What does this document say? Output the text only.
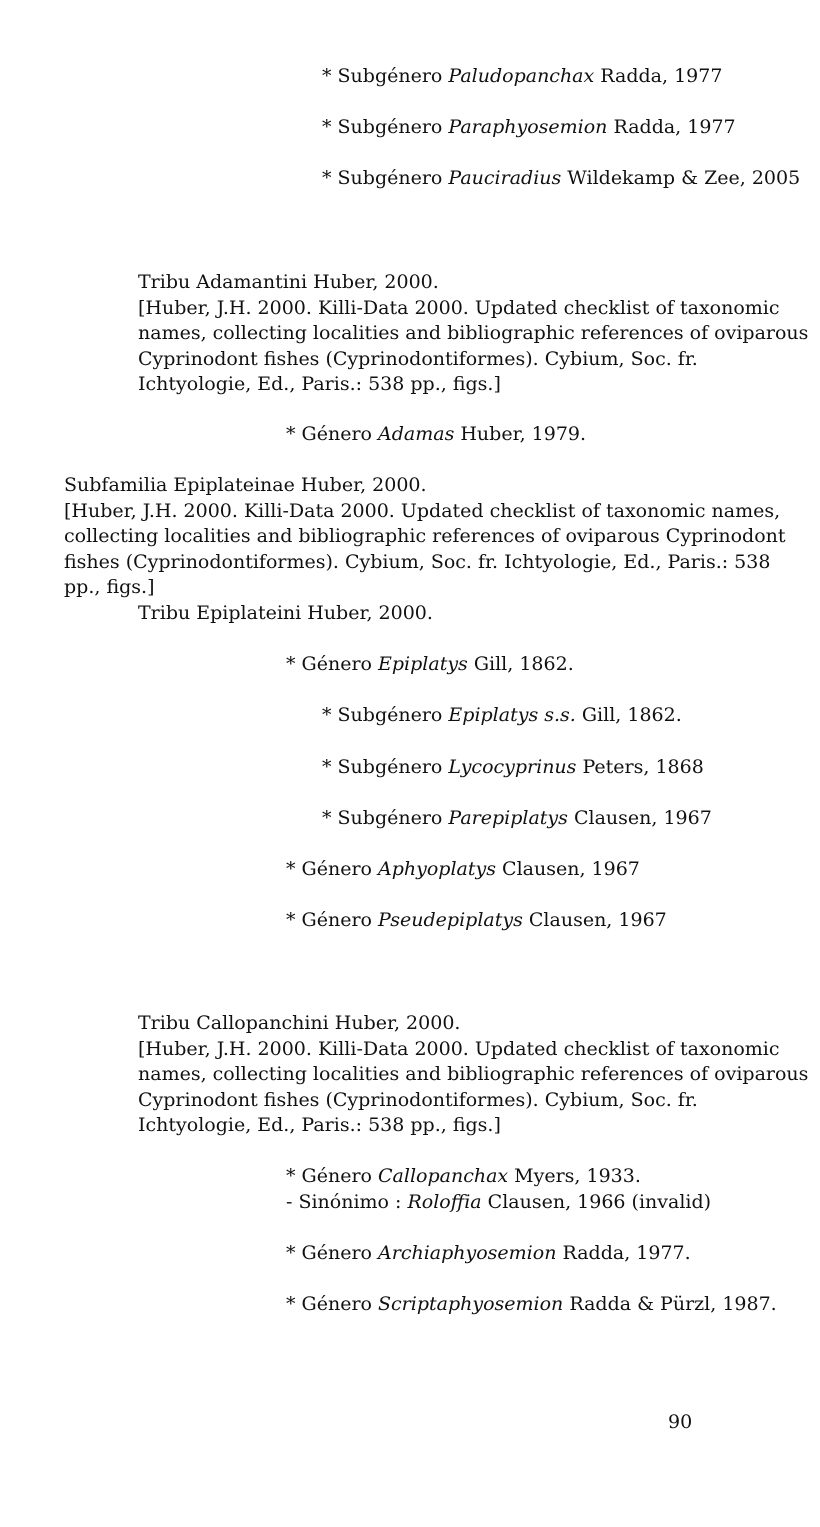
* Subgénero Paludopanchax Radda, 1977
* Subgénero Paraphyosemion Radda, 1977
* Subgénero Pauciradius Wildekamp & Zee, 2005
Tribu Adamantini Huber, 2000.
[Huber, J.H. 2000. Killi-Data 2000. Updated checklist of taxonomic names, collecting localities and bibliographic references of oviparous Cyprinodont fishes (Cyprinodontiformes). Cybium, Soc. fr. Ichtyologie, Ed., Paris.: 538 pp., figs.]
* Género Adamas Huber, 1979.
Subfamilia Epiplateinae Huber, 2000.
[Huber, J.H. 2000. Killi-Data 2000. Updated checklist of taxonomic names, collecting localities and bibliographic references of oviparous Cyprinodont fishes (Cyprinodontiformes). Cybium, Soc. fr. Ichtyologie, Ed., Paris.: 538 pp., figs.]
Tribu Epiplateini Huber, 2000.
* Género Epiplatys Gill, 1862.
* Subgénero Epiplatys s.s. Gill, 1862.
* Subgénero Lycocyprinus Peters, 1868
* Subgénero Parepiplatys Clausen, 1967
* Género Aphyoplatys Clausen, 1967
* Género Pseudepiplatys Clausen, 1967
Tribu Callopanchini Huber, 2000.
[Huber, J.H. 2000. Killi-Data 2000. Updated checklist of taxonomic names, collecting localities and bibliographic references of oviparous Cyprinodont fishes (Cyprinodontiformes). Cybium, Soc. fr. Ichtyologie, Ed., Paris.: 538 pp., figs.]
* Género Callopanchax Myers, 1933.
- Sinónimo : Roloffia Clausen, 1966 (invalid)
* Género Archiaphyosemion Radda, 1977.
* Género Scriptaphyosemion Radda & Pürzl, 1987.
90
